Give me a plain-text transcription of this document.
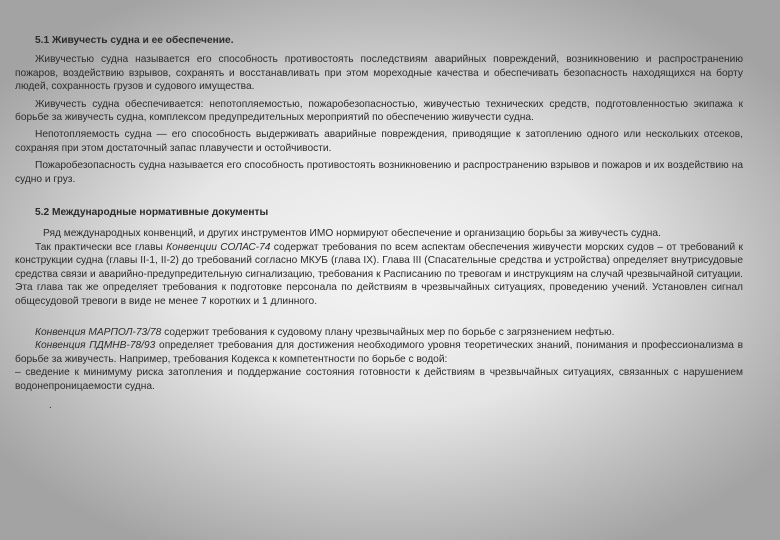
5.1 Живучесть судна и ее обеспечение.

Живучестью судна называется его способность противостоять последствиям аварийных повреждений, возникновению и распространению пожаров, воздействию взрывов, сохранять и восстанавливать при этом мореходные качества и обеспечивать безопасность находящихся на борту людей, сохранность грузов и судового имущества.

Живучесть судна обеспечивается: непотопляемостью, пожаробезопасностью, живучестью технических средств, подготовленностью экипажа к борьбе за живучесть судна, комплексом предупредительных мероприятий по обеспечению живучести судна.

Непотопляемость судна — его способность выдерживать аварийные повреждения, приводящие к затоплению одного или нескольких отсеков, сохраняя при этом достаточный запас плавучести и остойчивости.

Пожаробезопасность судна называется его способность противостоять возникновению и распространению взрывов и пожаров и их воздействию на судно и груз.

5.2 Международные нормативные документы

Ряд международных конвенций, и других инструментов ИМО нормируют обеспечение и организацию борьбы за живучесть судна.

Так практически все главы Конвенции СОЛАС-74 содержат требования по всем аспектам обеспечения живучести морских судов – от требований к конструкции судна (главы II-1, II-2) до требований согласно МКУБ (глава IX). Глава III (Спасательные средства и устройства) определяет внутрисудовые средства связи и аварийно-предупредительную сигнализацию, требования к Расписанию по тревогам и инструкциям на случай чрезвычайной ситуации. Эта глава так же определяет требования к подготовке персонала по действиям в чрезвычайных ситуациях, проведению учений. Установлен сигнал общесудовой тревоги в виде не менее 7 коротких и 1 длинного.

Конвенция МАРПОЛ-73/78 содержит требования к судовому плану чрезвычайных мер по борьбе с загрязнением нефтью.

Конвенция ПДМНВ-78/93 определяет требования для достижения необходимого уровня теоретических знаний, понимания и профессионализма в борьбе за живучесть. Например, требования Кодекса к компетентности по борьбе с водой:

– сведение к минимуму риска затопления и поддержание состояния готовности к действиям в чрезвычайных ситуациях, связанных с нарушением водонепроницаемости судна.

.
